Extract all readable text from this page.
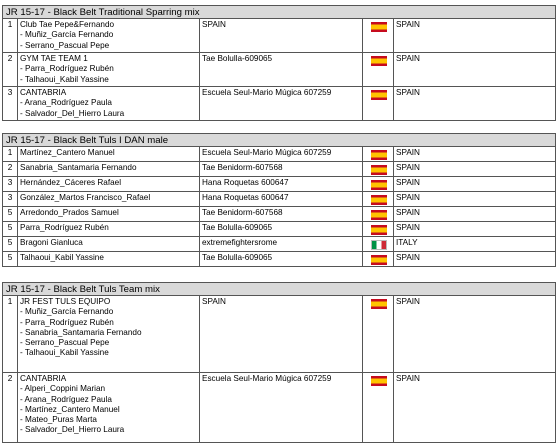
JR 15-17 - Black Belt Traditional Sparring mix
1 Club Tae Pepe&Fernando
- Muñiz_García Fernando
- Serrano_Pascual Pepe
SPAIN	SPAIN
2 GYM TAE TEAM 1
- Parra_Rodríguez Rubén
- Talhaoui_Kabil Yassine
Tae Bolulla-609065	SPAIN
3 CANTABRIA
- Arana_Rodríguez Paula
- Salvador_Del_Hierro Laura
Escuela Seul-Mario Múgica 607259	SPAIN
JR 15-17 - Black Belt Tuls I DAN male
1 Martínez_Cantero Manuel	Escuela Seul-Mario Múgica 607259	SPAIN
2 Sanabria_Santamaria Fernando	Tae Benidorm-607568	SPAIN
3 Hernández_Cáceres Rafael	Hana Roquetas 600647	SPAIN
3 González_Martos Francisco_Rafael	Hana Roquetas 600647	SPAIN
5 Arredondo_Prados Samuel	Tae Benidorm-607568	SPAIN
5 Parra_Rodríguez Rubén	Tae Bolulla-609065	SPAIN
5 Bragoni Gianluca	extremefightersrome	ITALY
5 Talhaoui_Kabil Yassine	Tae Bolulla-609065	SPAIN
JR 15-17 - Black Belt Tuls Team mix
1 JR FEST TULS EQUIPO
- Muñiz_García Fernando
- Parra_Rodríguez Rubén
- Sanabria_Santamaria Fernando
- Serrano_Pascual Pepe
- Talhaoui_Kabil Yassine
SPAIN	SPAIN
2 CANTABRIA
- Alperi_Coppini Marian
- Arana_Rodríguez Paula
- Martínez_Cantero Manuel
- Mateo_Puras Marta
- Salvador_Del_Hierro Laura
Escuela Seul-Mario Múgica 607259	SPAIN
